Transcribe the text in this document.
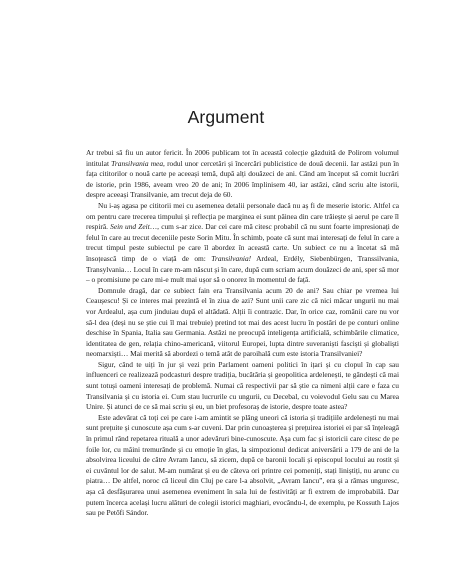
Argument

Ar trebui să fiu un autor fericit. În 2006 publicam tot în această colecție găzduită de Polirom volumul intitulat Transilvania mea, rodul unor cercetări și încercări publicistice de două decenii. Iar astăzi pun în fața cititorilor o nouă carte pe aceeași temă, după alți douăzeci de ani. Când am început să comit lucrări de istorie, prin 1986, aveam vreo 20 de ani; în 2006 împlinisem 40, iar astăzi, când scriu alte istorii, despre aceeași Transilvanie, am trecut deja de 60.

Nu i-aș agasa pe cititorii mei cu asemenea detalii personale dacă nu aș fi de meserie istoric. Altfel ca om pentru care trecerea timpului și reflecția pe marginea ei sunt pâinea din care trăiește și aerul pe care îl respiră. Sein und Zeit…, cum s-ar zice. Dar cei care mă citesc probabil că nu sunt foarte impresionați de felul în care au trecut deceniile peste Sorin Mitu. În schimb, poate că sunt mai interesați de felul în care a trecut timpul peste subiectul pe care îl abordez în această carte. Un subiect ce nu a încetat să mă însoțească timp de o viață de om: Transilvania! Ardeal, Erdély, Siebenbürgen, Transsilvania, Transylvania… Locul în care m-am născut și în care, după cum scriam acum douăzeci de ani, sper să mor – o promisiune pe care mi-e mult mai ușor să o onorez în momentul de față.

Domnule dragă, dar ce subiect fain era Transilvania acum 20 de ani? Sau chiar pe vremea lui Ceaușescu! Și ce interes mai prezintă el în ziua de azi? Sunt unii care zic că nici măcar ungurii nu mai vor Ardealul, așa cum jinduiau după el altădată. Alții îi contrazic. Dar, în orice caz, românii care nu vor să-l dea (deși nu se știe cui îl mai trebuie) pretind tot mai des acest lucru în postări de pe conturi online deschise în Spania, Italia sau Germania. Astăzi ne preocupă inteligența artificială, schimbările climatice, identitatea de gen, relația chino-americană, viitorul Europei, lupta dintre suveraniști fasciști și globaliști neomarxiști… Mai merită să abordezi o temă atât de paroihală cum este istoria Transilvaniei?

Sigur, când te uiți în jur și vezi prin Parlament oameni politici în ițari și cu clopul în cap sau influenceri ce realizează podcasturi despre tradiția, bucătăria și geopolitica ardelenești, te gândești că mai sunt totuși oameni interesați de problemă. Numai că respectivii par să știe ca nimeni alții care e faza cu Transilvania și cu istoria ei. Cum stau lucrurile cu ungurii, cu Decebal, cu voievodul Gelu sau cu Marea Unire. Și atunci de ce să mai scriu și eu, un biet profesoraș de istorie, despre toate astea?

Este adevărat că toți cei pe care i-am amintit se plâng uneori că istoria și tradițiile ardelenești nu mai sunt prețuite și cunoscute așa cum s-ar cuveni. Dar prin cunoașterea și prețuirea istoriei ei par să înțeleagă în primul rând repetarea rituală a unor adevăruri bine-cunoscute. Așa cum fac și istoricii care citesc de pe foile lor, cu mâini tremurânde și cu emoție în glas, la simpozionul dedicat aniversării a 179 de ani de la absolvirea liceului de către Avram Iancu, să zicem, după ce baronii locali și episcopul locului au rostit și ei cuvântul lor de salut. M-am numărat și eu de câteva ori printre cei pomeniți, stați liniștiți, nu arunc cu piatra… De altfel, noroc că liceul din Cluj pe care l-a absolvit, „Avram Iancu”, era și a rămas unguresc, așa că desfășurarea unui asemenea eveniment în sala lui de festivități ar fi extrem de improbabilă. Dar putem încerca același lucru alături de colegii istorici maghiari, evocându-l, de exemplu, pe Kossuth Lajos sau pe Petőfi Sándor.
